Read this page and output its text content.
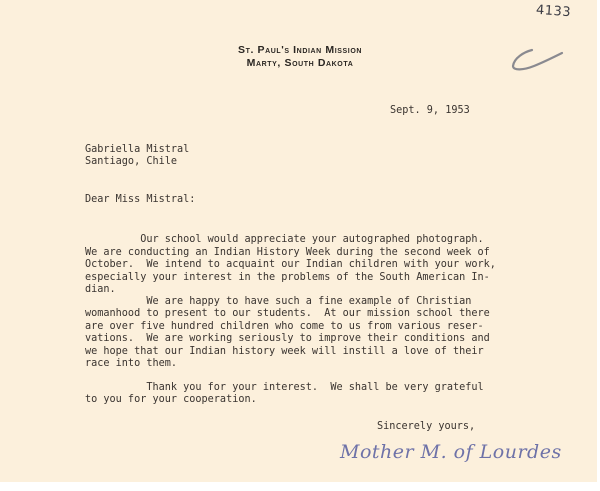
St. Paul's Indian Mission
Marty, South Dakota
4133
Sept. 9, 1953
Gabriella Mistral
Santiago, Chile
Dear Miss Mistral:

Our school would appreciate your autographed photograph.
We are conducting an Indian History Week during the second week of
October.  We intend to acquaint our Indian children with your work,
especially your interest in the problems of the South American In-
dian.
We are happy to have such a fine example of Christian
womanhood to present to our students.  At our mission school there
are over five hundred children who come to us from various reser-
vations.  We are working seriously to improve their conditions and
we hope that our Indian history week will instill a love of their
race into them.
Thank you for your interest.  We shall be very grateful
to you for your cooperation.
Sincerely yours,
Mother M. of Lourdes
